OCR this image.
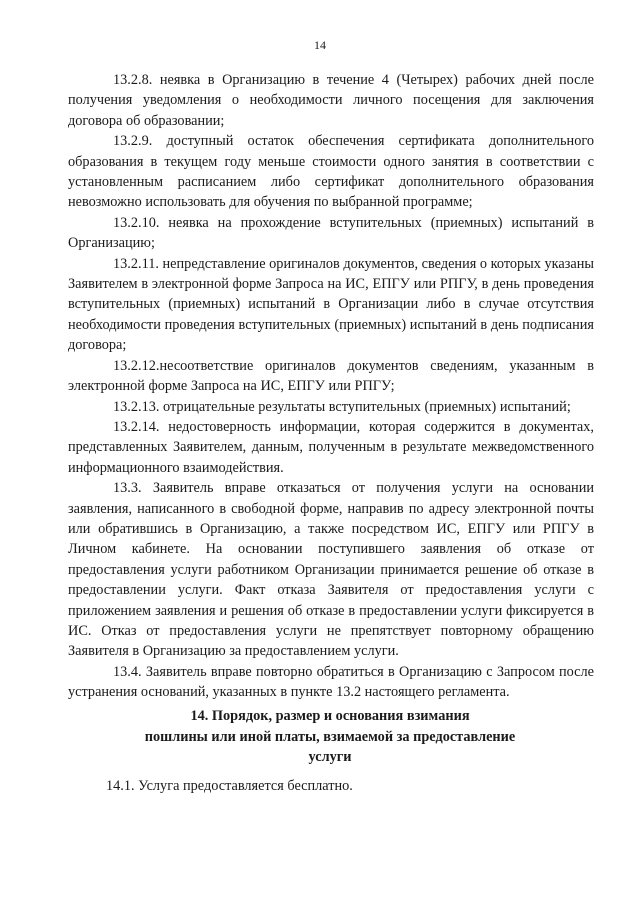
14

13.2.8. неявка в Организацию в течение 4 (Четырех) рабочих дней после получения уведомления о необходимости личного посещения для заключения договора об образовании;

13.2.9. доступный остаток обеспечения сертификата дополнительного образования в текущем году меньше стоимости одного занятия в соответствии с установленным расписанием либо сертификат дополнительного образования невозможно использовать для обучения по выбранной программе;

13.2.10. неявка на прохождение вступительных (приемных) испытаний в Организацию;

13.2.11. непредставление оригиналов документов, сведения о которых указаны Заявителем в электронной форме Запроса на ИС, ЕПГУ или РПГУ, в день проведения вступительных (приемных) испытаний в Организации либо в случае отсутствия необходимости проведения вступительных (приемных) испытаний в день подписания договора;

13.2.12.несоответствие оригиналов документов сведениям, указанным в электронной форме Запроса на ИС, ЕПГУ или РПГУ;

13.2.13. отрицательные результаты вступительных (приемных) испытаний;

13.2.14. недостоверность информации, которая содержится в документах, представленных Заявителем, данным, полученным в результате межведомственного информационного взаимодействия.

13.3. Заявитель вправе отказаться от получения услуги на основании заявления, написанного в свободной форме, направив по адресу электронной почты или обратившись в Организацию, а также посредством ИС, ЕПГУ или РПГУ в Личном кабинете. На основании поступившего заявления об отказе от предоставления услуги работником Организации принимается решение об отказе в предоставлении услуги. Факт отказа Заявителя от предоставления услуги с приложением заявления и решения об отказе в предоставлении услуги фиксируется в ИС. Отказ от предоставления услуги не препятствует повторному обращению Заявителя в Организацию за предоставлением услуги.

13.4. Заявитель вправе повторно обратиться в Организацию с Запросом после устранения оснований, указанных в пункте 13.2 настоящего регламента.

14. Порядок, размер и основания взимания
пошлины или иной платы, взимаемой за предоставление
услуги
14.1. Услуга предоставляется бесплатно.
